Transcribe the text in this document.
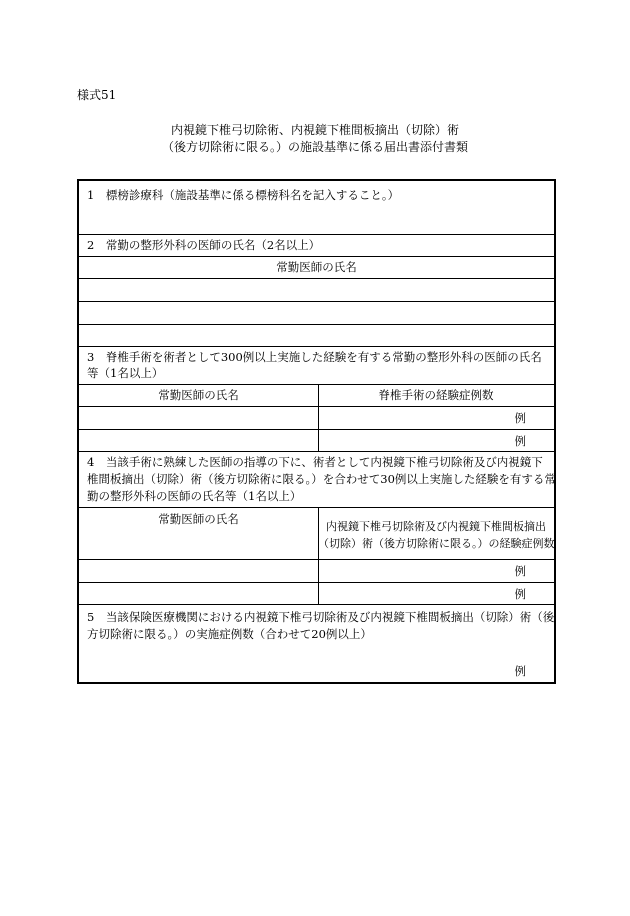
様式51
内視鏡下椎弓切除術、内視鏡下椎間板摘出（切除）術
（後方切除術に限る。）の施設基準に係る届出書添付書類
1　標榜診療科（施設基準に係る標榜科名を記入すること。）
2　常勤の整形外科の医師の氏名（2名以上）
常勤医師の氏名
3　脊椎手術を術者として300例以上実施した経験を有する常勤の整形外科の医師の氏名
等（1名以上）
常勤医師の氏名	脊椎手術の経験症例数
例
例
4　当該手術に熟練した医師の指導の下に、術者として内視鏡下椎弓切除術及び内視鏡下
椎間板摘出（切除）術（後方切除術に限る。）を合わせて30例以上実施した経験を有する常
勤の整形外科の医師の氏名等（1名以上）
常勤医師の氏名
内視鏡下椎弓切除術及び内視鏡下椎間板摘出
（切除）術（後方切除術に限る。）の経験症例数
例
例
5　当該保険医療機関における内視鏡下椎弓切除術及び内視鏡下椎間板摘出（切除）術（後
方切除術に限る。）の実施症例数（合わせて20例以上）
例
